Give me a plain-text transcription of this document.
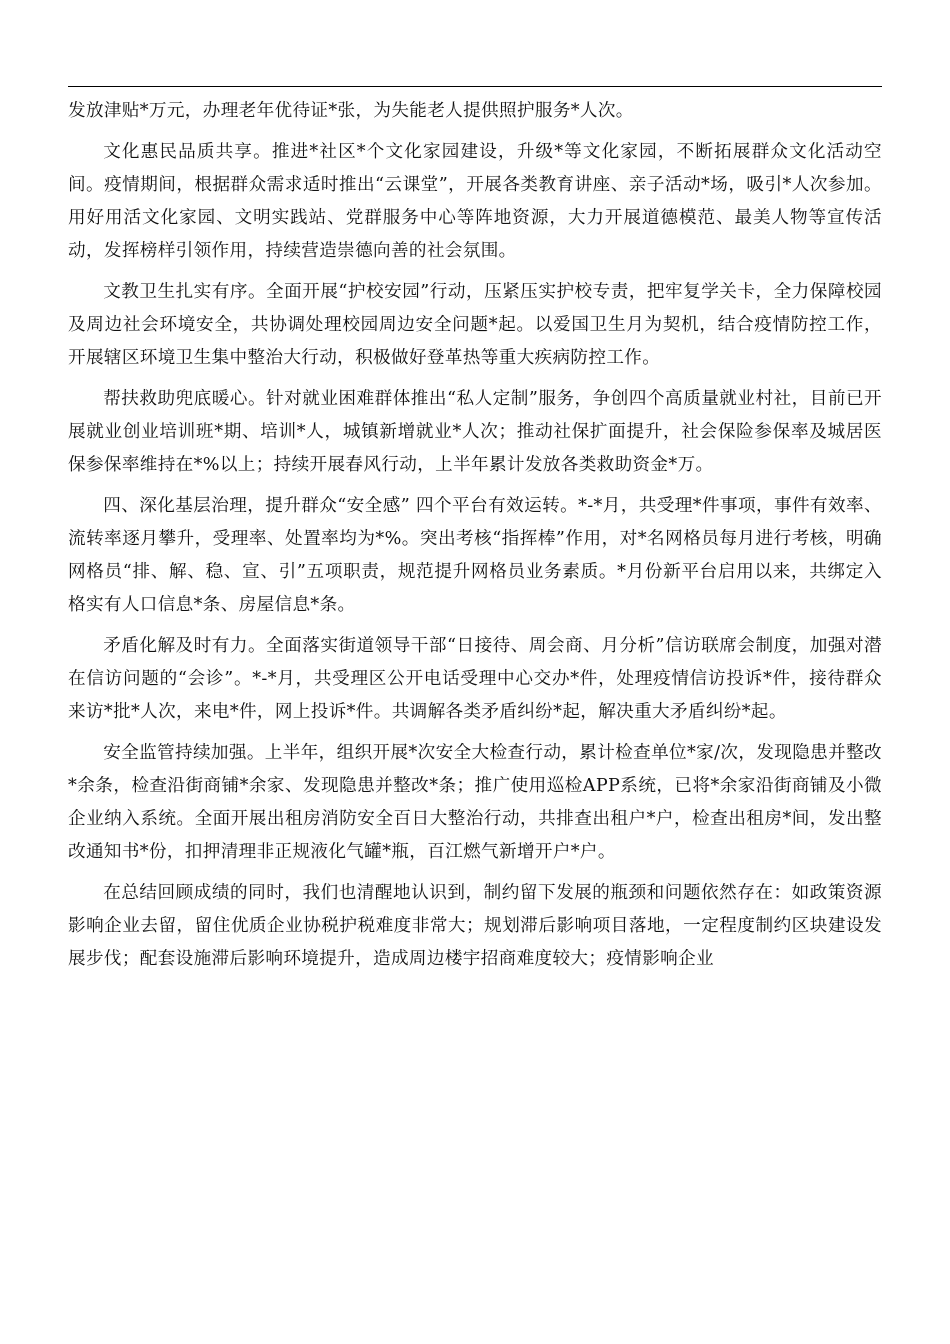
发放津贴*万元，办理老年优待证*张，为失能老人提供照护服务*人次。

文化惠民品质共享。推进*社区*个文化家园建设，升级*等文化家园，不断拓展群众文化活动空间。疫情期间，根据群众需求适时推出“云课堂”，开展各类教育讲座、亲子活动*场，吸引*人次参加。用好用活文化家园、文明实践站、党群服务中心等阵地资源，大力开展道德模范、最美人物等宣传活动，发挥榜样引领作用，持续营造崇德向善的社会氛围。

文教卫生扎实有序。全面开展“护校安园”行动，压紧压实护校专责，把牢复学关卡，全力保障校园及周边社会环境安全，共协调处理校园周边安全问题*起。以爱国卫生月为契机，结合疫情防控工作，开展辖区环境卫生集中整治大行动，积极做好登革热等重大疾病防控工作。

帮扶救助兜底暖心。针对就业困难群体推出“私人定制”服务，争创四个高质量就业村社，目前已开展就业创业培训班*期、培训*人，城镇新增就业*人次；推动社保扩面提升，社会保险参保率及城居医保参保率维持在*%以上；持续开展春风行动，上半年累计发放各类救助资金*万。

四、深化基层治理，提升群众“安全感” 四个平台有效运转。*-*月，共受理*件事项，事件有效率、流转率逐月攀升，受理率、处置率均为*%。突出考核“指挥棒”作用，对*名网格员每月进行考核，明确网格员“排、解、稳、宣、引”五项职责，规范提升网格员业务素质。*月份新平台启用以来，共绑定入格实有人口信息*条、房屋信息*条。

矛盾化解及时有力。全面落实街道领导干部“日接待、周会商、月分析”信访联席会制度，加强对潜在信访问题的“会诊”。*-*月，共受理区公开电话受理中心交办*件，处理疫情信访投诉*件，接待群众来访*批*人次，来电*件，网上投诉*件。共调解各类矛盾纠纷*起，解决重大矛盾纠纷*起。

安全监管持续加强。上半年，组织开展*次安全大检查行动，累计检查单位*家/次，发现隐患并整改*余条，检查沿街商铺*余家、发现隐患并整改*条；推广使用巡检APP系统，已将*余家沿街商铺及小微企业纳入系统。全面开展出租房消防安全百日大整治行动，共排查出租户*户，检查出租房*间，发出整改通知书*份，扣押清理非正规液化气罐*瓶，百江燃气新增开户*户。

在总结回顾成绩的同时，我们也清醒地认识到，制约留下发展的瓶颈和问题依然存在：如政策资源影响企业去留，留住优质企业协税护税难度非常大；规划滞后影响项目落地，一定程度制约区块建设发展步伐；配套设施滞后影响环境提升，造成周边楼宇招商难度较大；疫情影响企业
